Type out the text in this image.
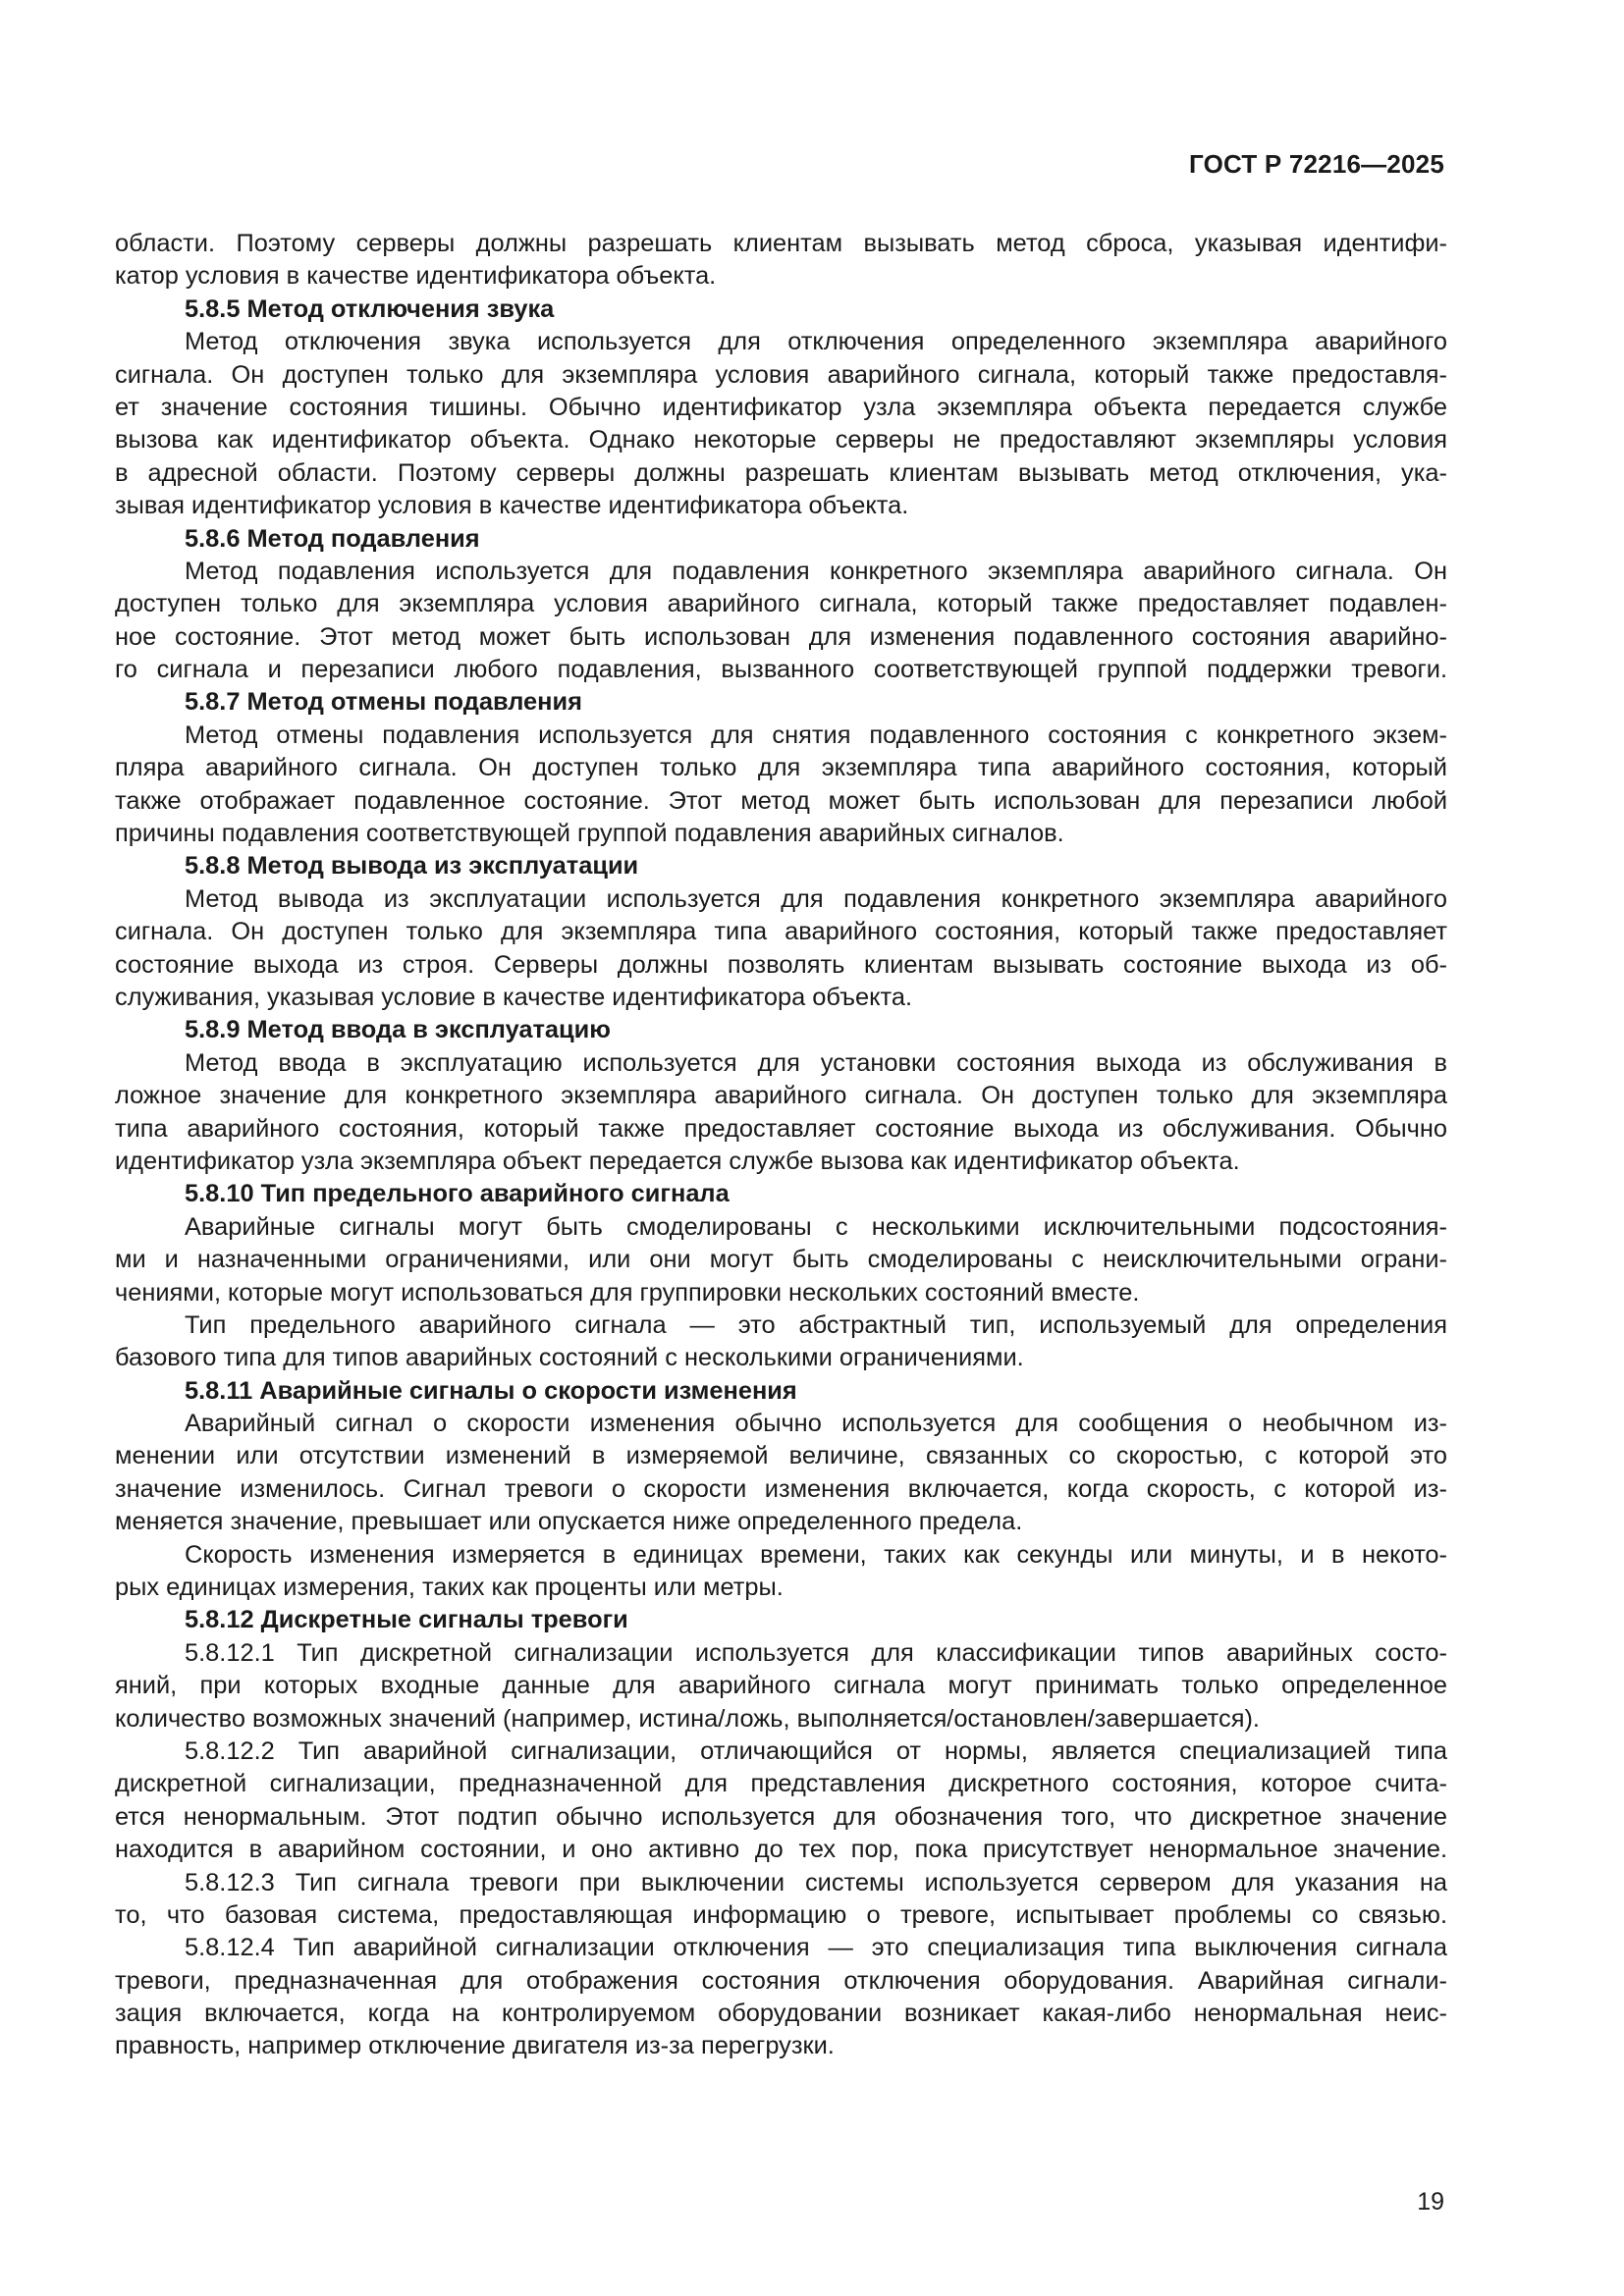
ГОСТ Р 72216—2025
области. Поэтому серверы должны разрешать клиентам вызывать метод сброса, указывая идентифи-
катор условия в качестве идентификатора объекта.
5.8.5 Метод отключения звука
Метод отключения звука используется для отключения определенного экземпляра аварийного
сигнала. Он доступен только для экземпляра условия аварийного сигнала, который также предоставля-
ет значение состояния тишины. Обычно идентификатор узла экземпляра объекта передается службе
вызова как идентификатор объекта. Однако некоторые серверы не предоставляют экземпляры условия
в адресной области. Поэтому серверы должны разрешать клиентам вызывать метод отключения, ука-
зывая идентификатор условия в качестве идентификатора объекта.
5.8.6 Метод подавления
Метод подавления используется для подавления конкретного экземпляра аварийного сигнала. Он
доступен только для экземпляра условия аварийного сигнала, который также предоставляет подавлен-
ное состояние. Этот метод может быть использован для изменения подавленного состояния аварийно-
го сигнала и перезаписи любого подавления, вызванного соответствующей группой поддержки тревоги.
5.8.7 Метод отмены подавления
Метод отмены подавления используется для снятия подавленного состояния с конкретного экзем-
пляра аварийного сигнала. Он доступен только для экземпляра типа аварийного состояния, который
также отображает подавленное состояние. Этот метод может быть использован для перезаписи любой
причины подавления соответствующей группой подавления аварийных сигналов.
5.8.8 Метод вывода из эксплуатации
Метод вывода из эксплуатации используется для подавления конкретного экземпляра аварийного
сигнала. Он доступен только для экземпляра типа аварийного состояния, который также предоставляет
состояние выхода из строя. Серверы должны позволять клиентам вызывать состояние выхода из об-
служивания, указывая условие в качестве идентификатора объекта.
5.8.9 Метод ввода в эксплуатацию
Метод ввода в эксплуатацию используется для установки состояния выхода из обслуживания в
ложное значение для конкретного экземпляра аварийного сигнала. Он доступен только для экземпляра
типа аварийного состояния, который также предоставляет состояние выхода из обслуживания. Обычно
идентификатор узла экземпляра объект передается службе вызова как идентификатор объекта.
5.8.10 Тип предельного аварийного сигнала
Аварийные сигналы могут быть смоделированы с несколькими исключительными подсостояния-
ми и назначенными ограничениями, или они могут быть смоделированы с неисключительными ограни-
чениями, которые могут использоваться для группировки нескольких состояний вместе.
Тип предельного аварийного сигнала — это абстрактный тип, используемый для определения
базового типа для типов аварийных состояний с несколькими ограничениями.
5.8.11 Аварийные сигналы о скорости изменения
Аварийный сигнал о скорости изменения обычно используется для сообщения о необычном из-
менении или отсутствии изменений в измеряемой величине, связанных со скоростью, с которой это
значение изменилось. Сигнал тревоги о скорости изменения включается, когда скорость, с которой из-
меняется значение, превышает или опускается ниже определенного предела.
Скорость изменения измеряется в единицах времени, таких как секунды или минуты, и в некото-
рых единицах измерения, таких как проценты или метры.
5.8.12 Дискретные сигналы тревоги
5.8.12.1 Тип дискретной сигнализации используется для классификации типов аварийных состо-
яний, при которых входные данные для аварийного сигнала могут принимать только определенное
количество возможных значений (например, истина/ложь, выполняется/остановлен/завершается).
5.8.12.2 Тип аварийной сигнализации, отличающийся от нормы, является специализацией типа
дискретной сигнализации, предназначенной для представления дискретного состояния, которое счита-
ется ненормальным. Этот подтип обычно используется для обозначения того, что дискретное значение
находится в аварийном состоянии, и оно активно до тех пор, пока присутствует ненормальное значение.
5.8.12.3 Тип сигнала тревоги при выключении системы используется сервером для указания на
то, что базовая система, предоставляющая информацию о тревоге, испытывает проблемы со связью.
5.8.12.4 Тип аварийной сигнализации отключения — это специализация типа выключения сигнала
тревоги, предназначенная для отображения состояния отключения оборудования. Аварийная сигнали-
зация включается, когда на контролируемом оборудовании возникает какая-либо ненормальная неис-
правность, например отключение двигателя из-за перегрузки.
19
